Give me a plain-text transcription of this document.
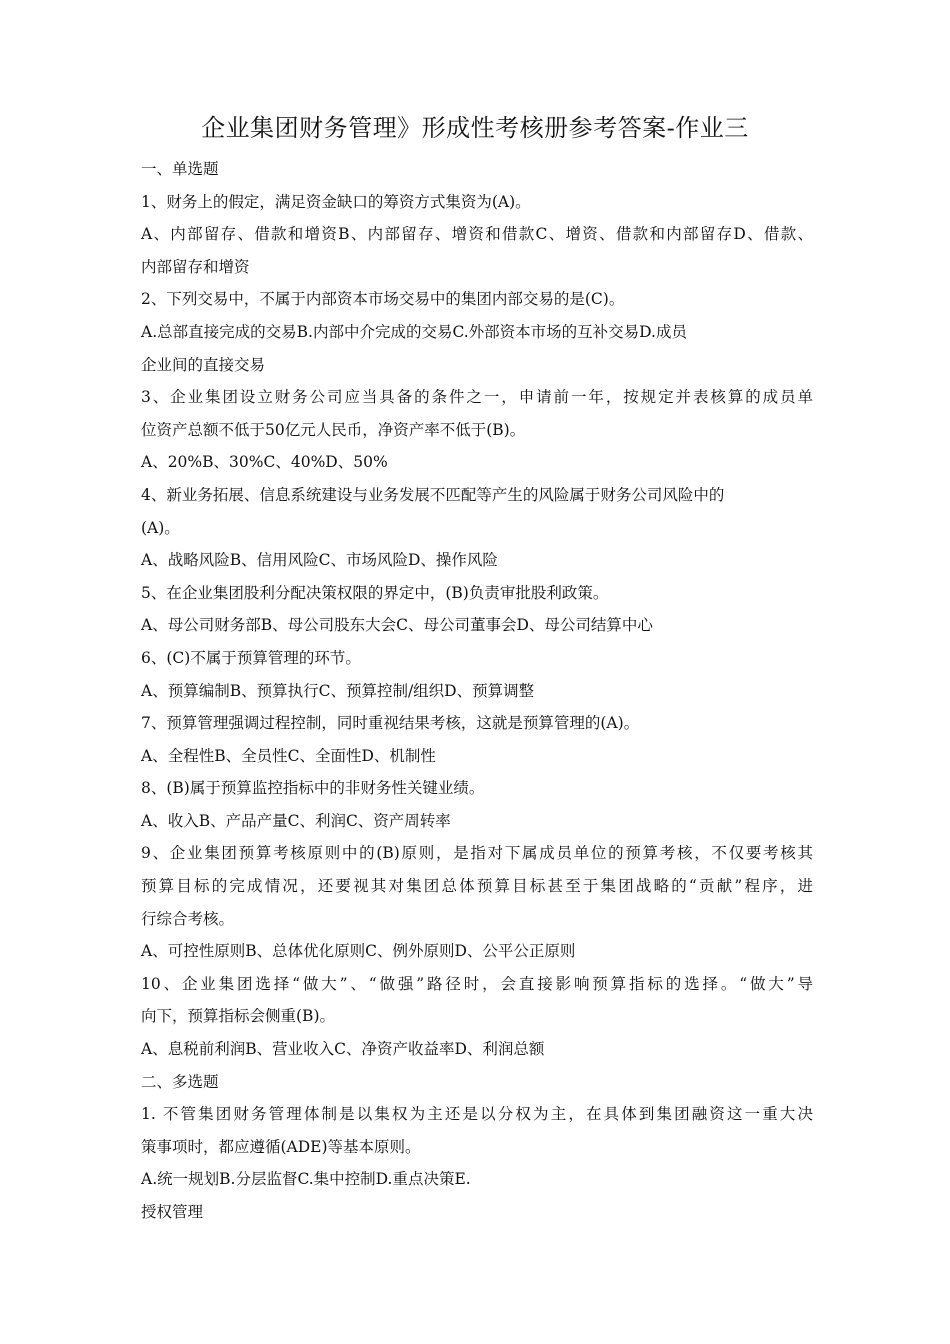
企业集团财务管理》形成性考核册参考答案-作业三
一、单选题
1、财务上的假定，满足资金缺口的筹资方式集资为(A)。
A、内部留存、借款和增资B、内部留存、增资和借款C、增资、借款和内部留存D、借款、
内部留存和增资
2、下列交易中，不属于内部资本市场交易中的集团内部交易的是(C)。
A.总部直接完成的交易B.内部中介完成的交易C.外部资本市场的互补交易D.成员
企业间的直接交易
3、企业集团设立财务公司应当具备的条件之一，申请前一年，按规定并表核算的成员单
位资产总额不低于50亿元人民币，净资产率不低于(B)。
A、20%B、30%C、40%D、50%
4、新业务拓展、信息系统建设与业务发展不匹配等产生的风险属于财务公司风险中的
(A)。
A、战略风险B、信用风险C、市场风险D、操作风险
5、在企业集团股利分配决策权限的界定中，(B)负责审批股利政策。
A、母公司财务部B、母公司股东大会C、母公司董事会D、母公司结算中心
6、(C)不属于预算管理的环节。
A、预算编制B、预算执行C、预算控制/组织D、预算调整
7、预算管理强调过程控制，同时重视结果考核，这就是预算管理的(A)。
A、全程性B、全员性C、全面性D、机制性
8、(B)属于预算监控指标中的非财务性关键业绩。
A、收入B、产品产量C、利润C、资产周转率
9、企业集团预算考核原则中的(B)原则，是指对下属成员单位的预算考核，不仅要考核其
预算目标的完成情况，还要视其对集团总体预算目标甚至于集团战略的“贡献”程序，进
行综合考核。
A、可控性原则B、总体优化原则C、例外原则D、公平公正原则
10、企业集团选择“做大”、“做强”路径时，会直接影响预算指标的选择。“做大”导
向下，预算指标会侧重(B)。
A、息税前利润B、营业收入C、净资产收益率D、利润总额
二、多选题
1. 不管集团财务管理体制是以集权为主还是以分权为主，在具体到集团融资这一重大决
策事项时，都应遵循(ADE)等基本原则。
A.统一规划B.分层监督C.集中控制D.重点决策E.
授权管理
